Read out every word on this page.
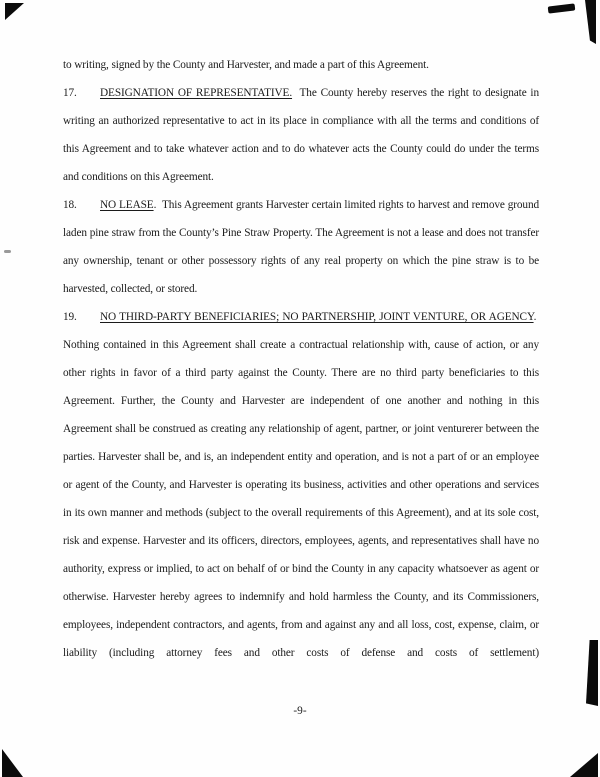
to writing, signed by the County and Harvester, and made a part of this Agreement.

17. DESIGNATION OF REPRESENTATIVE. The County hereby reserves the right to designate in writing an authorized representative to act in its place in compliance with all the terms and conditions of this Agreement and to take whatever action and to do whatever acts the County could do under the terms and conditions on this Agreement.

18. NO LEASE. This Agreement grants Harvester certain limited rights to harvest and remove ground laden pine straw from the County’s Pine Straw Property. The Agreement is not a lease and does not transfer any ownership, tenant or other possessory rights of any real property on which the pine straw is to be harvested, collected, or stored.

19. NO THIRD-PARTY BENEFICIARIES; NO PARTNERSHIP, JOINT VENTURE, OR AGENCY.  Nothing contained in this Agreement shall create a contractual relationship with, cause of action, or any other rights in favor of a third party against the County. There are no third party beneficiaries to this Agreement. Further, the County and Harvester are independent of one another and nothing in this Agreement shall be construed as creating any relationship of agent, partner, or joint venturerer between the parties. Harvester shall be, and is, an independent entity and operation, and is not a part of or an employee or agent of the County, and Harvester is operating its business, activities and other operations and services in its own manner and methods (subject to the overall requirements of this Agreement), and at its sole cost, risk and expense. Harvester and its officers, directors, employees, agents, and representatives shall have no authority, express or implied, to act on behalf of or bind the County in any capacity whatsoever as agent or otherwise. Harvester hereby agrees to indemnify and hold harmless the County, and its Commissioners, employees, independent contractors, and agents, from and against any and all loss, cost, expense, claim, or liability (including attorney fees and other costs of defense and costs of settlement)

-9-
